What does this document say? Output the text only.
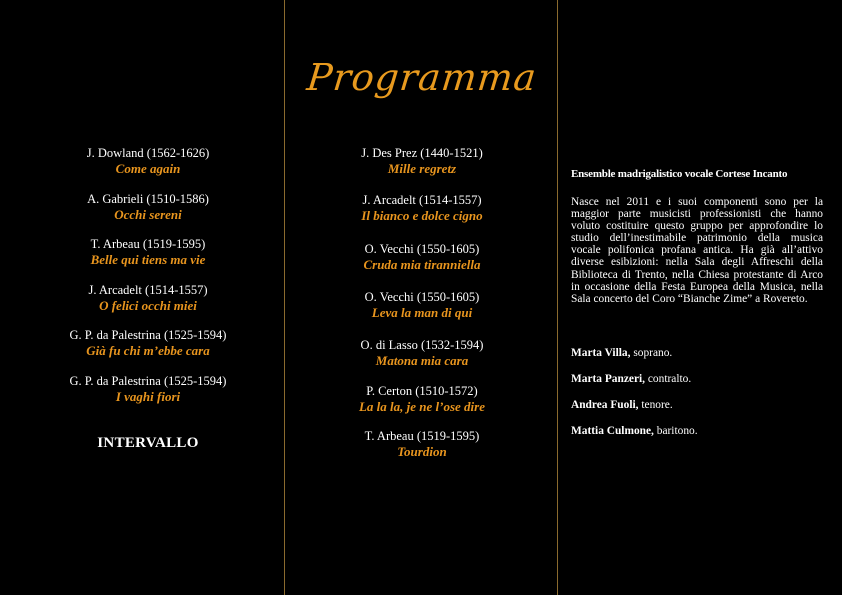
J. Dowland (1562-1626)
Come again
A. Gabrieli (1510-1586)
Occhi sereni
T. Arbeau (1519-1595)
Belle qui tiens ma vie
J. Arcadelt (1514-1557)
O felici occhi miei
G. P. da Palestrina (1525-1594)
Già fu chi m’ebbe cara
G. P. da Palestrina (1525-1594)
I vaghi fiori
INTERVALLO
Programma
J. Des Prez (1440-1521)
Mille regretz
J. Arcadelt (1514-1557)
Il bianco e dolce cigno
O. Vecchi (1550-1605)
Cruda mia tiranniella
O. Vecchi (1550-1605)
Leva la man di qui
O. di Lasso (1532-1594)
Matona mia cara
P. Certon (1510-1572)
La la la, je ne l’ose dire
T. Arbeau (1519-1595)
Tourdion
Ensemble madrigalistico vocale Cortese Incanto
Nasce nel 2011 e i suoi componenti sono per la maggior parte musicisti professionisti che hanno voluto costituire questo gruppo per approfondire lo studio dell’inestimabile patrimonio della musica vocale polifonica profana antica. Ha già all’attivo diverse esibizioni: nella Sala degli Affreschi della Biblioteca di Trento, nella Chiesa protestante di Arco in occasione della Festa Europea della Musica, nella Sala concerto del Coro “Bianche Zime” a Rovereto.
Marta Villa, soprano.
Marta Panzeri, contralto.
Andrea Fuoli, tenore.
Mattia Culmone, baritono.
